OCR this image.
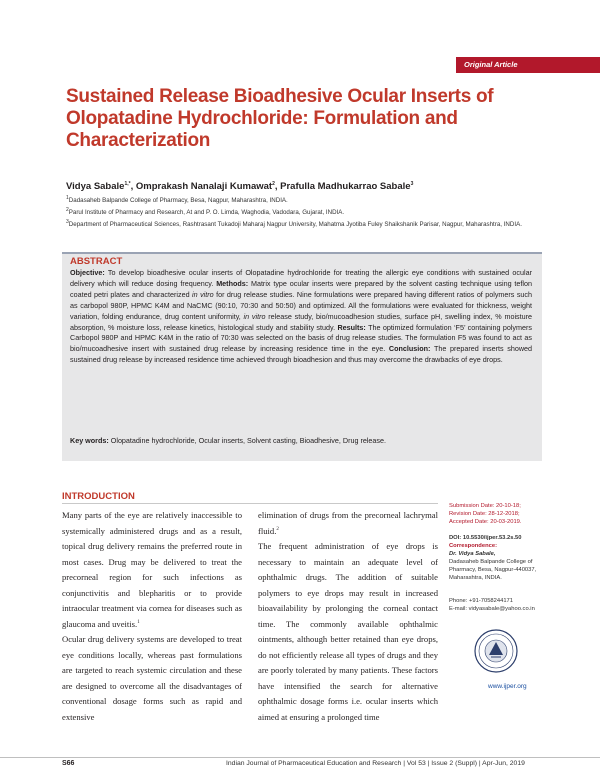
Original Article
Sustained Release Bioadhesive Ocular Inserts of Olopatadine Hydrochloride: Formulation and Characterization
Vidya Sabale$^{1,*}$, Omprakash Nanalaji Kumawat$^2$, Prafulla Madhukarrao Sabale$^3$
$^1$Dadasaheb Balpande College of Pharmacy, Besa, Nagpur, Maharashtra, INDIA.
$^2$Parul Institute of Pharmacy and Research, At and P. O. Limda, Waghodia, Vadodara, Gujarat, INDIA.
$^3$Department of Pharmaceutical Sciences, Rashtrasant Tukadoji Maharaj Nagpur University, Mahatma Jyotiba Fuley Shaikshanik Parisar, Nagpur, Maharashtra, INDIA.
ABSTRACT
Objective: To develop bioadhesive ocular inserts of Olopatadine hydrochloride for treating the allergic eye conditions with sustained ocular delivery which will reduce dosing frequency. Methods: Matrix type ocular inserts were prepared by the solvent casting technique using teflon coated petri plates and characterized in vitro for drug release studies. Nine formulations were prepared having different ratios of polymers such as carbopol 980P, HPMC K4M and NaCMC (90:10, 70:30 and 50:50) and optimized. All the formulations were evaluated for thickness, weight variation, folding endurance, drug content uniformity, in vitro release study, bio/mucoadhesion studies, surface pH, swelling index, % moisture absorption, % moisture loss, release kinetics, histological study and stability study. Results: The optimized formulation ‘F5’ containing polymers Carbopol 980P and HPMC K4M in the ratio of 70:30 was selected on the basis of drug release studies. The formulation F5 was found to act as bio/mucoadhesive insert with sustained drug release by increasing residence time in the eye. Conclusion: The prepared inserts showed sustained drug release by increased residence time achieved through bioadhesion and thus may overcome the drawbacks of eye drops.
Key words: Olopatadine hydrochloride, Ocular inserts, Solvent casting, Bioadhesive, Drug release.
INTRODUCTION

Many parts of the eye are relatively inaccessible to systemically administered drugs and as a result, topical drug delivery remains the preferred route in most cases. Drug may be delivered to treat the precorneal region for such infections as conjunctivitis and blepharitis or to provide intraocular treatment via cornea for diseases such as glaucoma and uveitis.$^1$

Ocular drug delivery systems are developed to treat eye conditions locally, whereas past formulations are targeted to reach systemic circulation and these are designed to overcome all the disadvantages of conventional dosage forms such as rapid and extensive

elimination of drugs from the precorneal lachrymal fluid.$^2$

The frequent administration of eye drops is necessary to maintain an adequate level of ophthalmic drugs. The addition of suitable polymers to eye drops may result in increased bioavailability by prolonging the corneal contact time. The commonly available ophthalmic ointments, although better retained than eye drops, do not efficiently release all types of drugs and they are poorly tolerated by many patients. These factors have intensified the search for alternative ophthalmic dosage forms i.e. ocular inserts which aimed at ensuring a prolonged time

Submission Date: 20-10-18;
Revision Date: 28-12-2018;
Accepted Date: 20-03-2019.
DOI: 10.5530/ijper.53.2s.50
Correspondence:
Dr. Vidya Sabale,
Dadasaheb Balpande College of Pharmacy, Besa, Nagpur-440037, Maharashtra, INDIA.
Phone: +91-7058244171
E-mail: vidyasabale@yahoo.co.in
www.ijper.org
S66	Indian Journal of Pharmaceutical Education and Research | Vol 53 | Issue 2 (Suppl) | Apr-Jun, 2019
